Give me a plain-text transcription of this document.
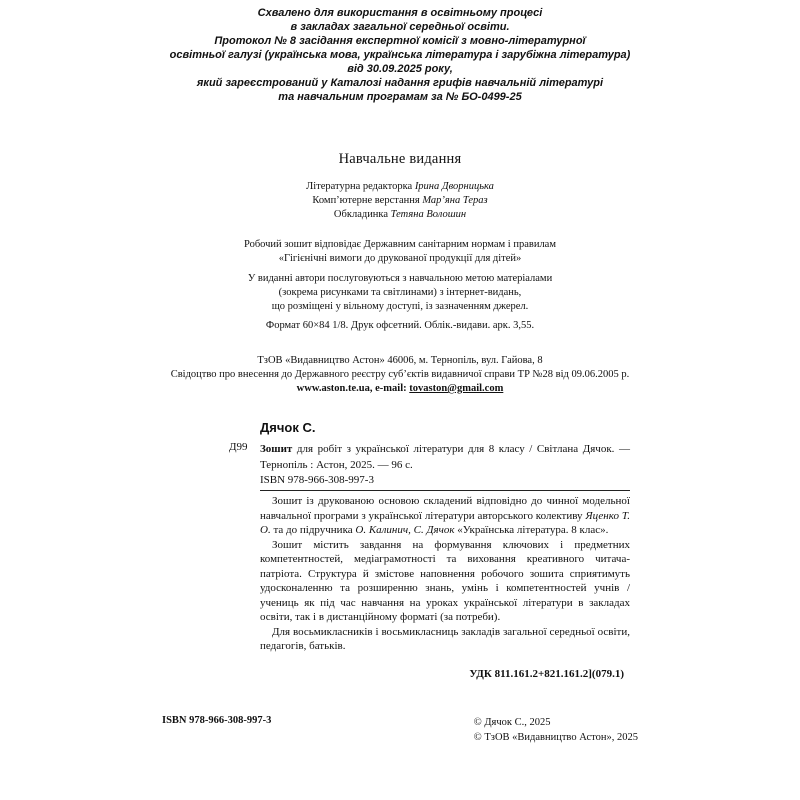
Схвалено для використання в освітньому процесі
в закладах загальної середньої освіти.
Протокол № 8 засідання експертної комісії з мовно-літературної
освітньої галузі (українська мова, українська література і зарубіжна література)
від 30.09.2025 року,
який зареєстрований у Каталозі надання грифів навчальній літературі
та навчальним програмам за № БО-0499-25
Навчальне видання
Літературна редакторка Ірина Дворницька
Комп’ютерне верстання Мар’яна Тераз
Обкладинка Тетяна Волошин
Робочий зошит відповідає Державним санітарним нормам і правилам
«Гігієнічні вимоги до друкованої продукції для дітей»
У виданні автори послуговуються з навчальною метою матеріалами
(зокрема рисунками та світлинами) з інтернет-видань,
що розміщені у вільному доступі, із зазначенням джерел.
Формат 60×84 1/8. Друк офсетний. Облік.-видави. арк. 3,55.
ТзОВ «Видавництво Астон» 46006, м. Тернопіль, вул. Гайова, 8
Свідоцтво про внесення до Державного реєстру суб’єктів видавничої справи ТР №28 від 09.06.2005 р.
www.aston.te.ua, e-mail: tovaston@gmail.com
Дячок С.
Д99 Зошит для робіт з української літератури для 8 класу / Світлана Дячок. — Тернопіль : Астон, 2025. — 96 с.
ISBN 978-966-308-997-3

Зошит із друкованою основою складений відповідно до чинної модельної навчальної програми з української літератури авторського колективу Яценко Т. О. та до підручника О. Калинич, С. Дячок «Українська література. 8 клас».

Зошит містить завдання на формування ключових і предметних компетентностей, медіаграмотності та виховання креативного читача-патріота. Структура й змістове наповнення робочого зошита сприятимуть удосконаленню та розширенню знань, умінь і компетентностей учнів / учениць як під час навчання на уроках української літератури в закладах освіти, так і в дистанційному форматі (за потреби).

Для восьмикласників і восьмикласниць закладів загальної середньої освіти, педагогів, батьків.

УДК 811.161.2+821.161.2](079.1)
ISBN 978-966-308-997-3	© Дячок С., 2025
© ТзОВ «Видавництво Астон», 2025
